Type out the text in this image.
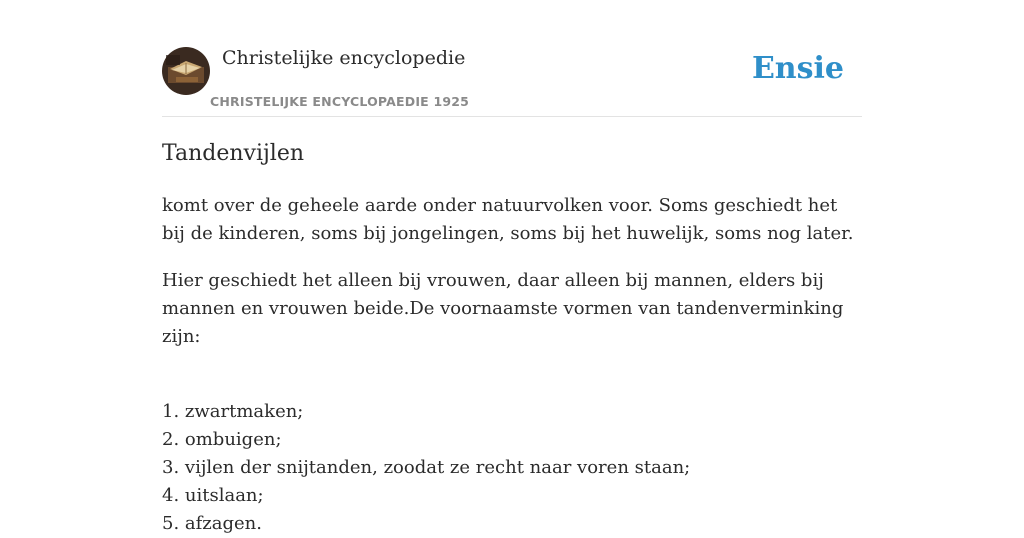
Christelijke encyclopedie
CHRISTELIJKE ENCYCLOPAEDIE 1925
Ensie
Tandenvijlen

komt over de geheele aarde onder natuurvolken voor. Soms geschiedt het bij de kinderen, soms bij jongelingen, soms bij het huwelijk, soms nog later.

Hier geschiedt het alleen bij vrouwen, daar alleen bij mannen, elders bij mannen en vrouwen beide.De voornaamste vormen van tandenverminking zijn:

1. zwartmaken;
2. ombuigen;
3. vijlen der snijtanden, zoodat ze recht naar voren staan;
4. uitslaan;
5. afzagen.
